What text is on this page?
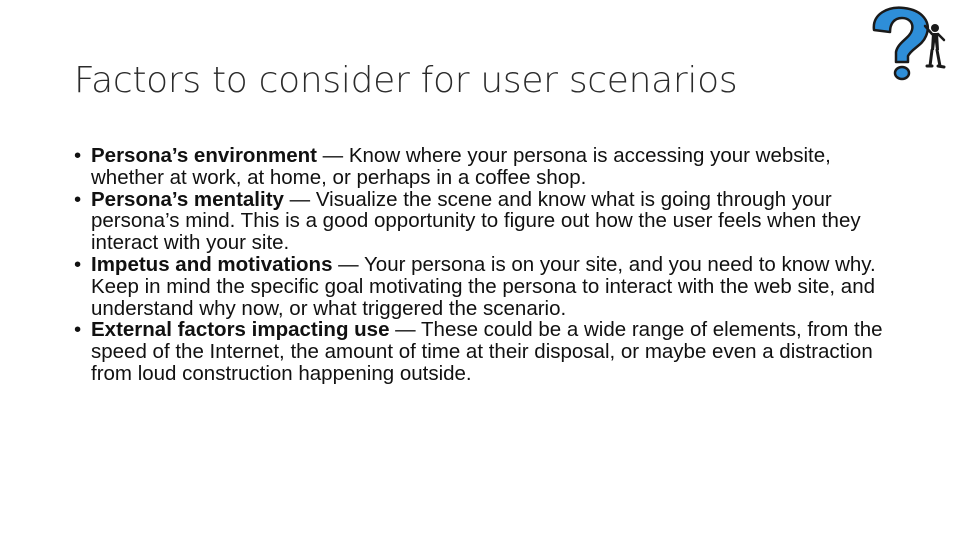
Factors to consider for user scenarios
• Persona’s environment — Know where your persona is accessing your website, whether at work, at home, or perhaps in a coffee shop.
• Persona’s mentality — Visualize the scene and know what is going through your persona’s mind. This is a good opportunity to figure out how the user feels when they interact with your site.
• Impetus and motivations — Your persona is on your site, and you need to know why. Keep in mind the specific goal motivating the persona to interact with the web site, and understand why now, or what triggered the scenario.
• External factors impacting use — These could be a wide range of elements, from the speed of the Internet, the amount of time at their disposal, or maybe even a distraction from loud construction happening outside.
